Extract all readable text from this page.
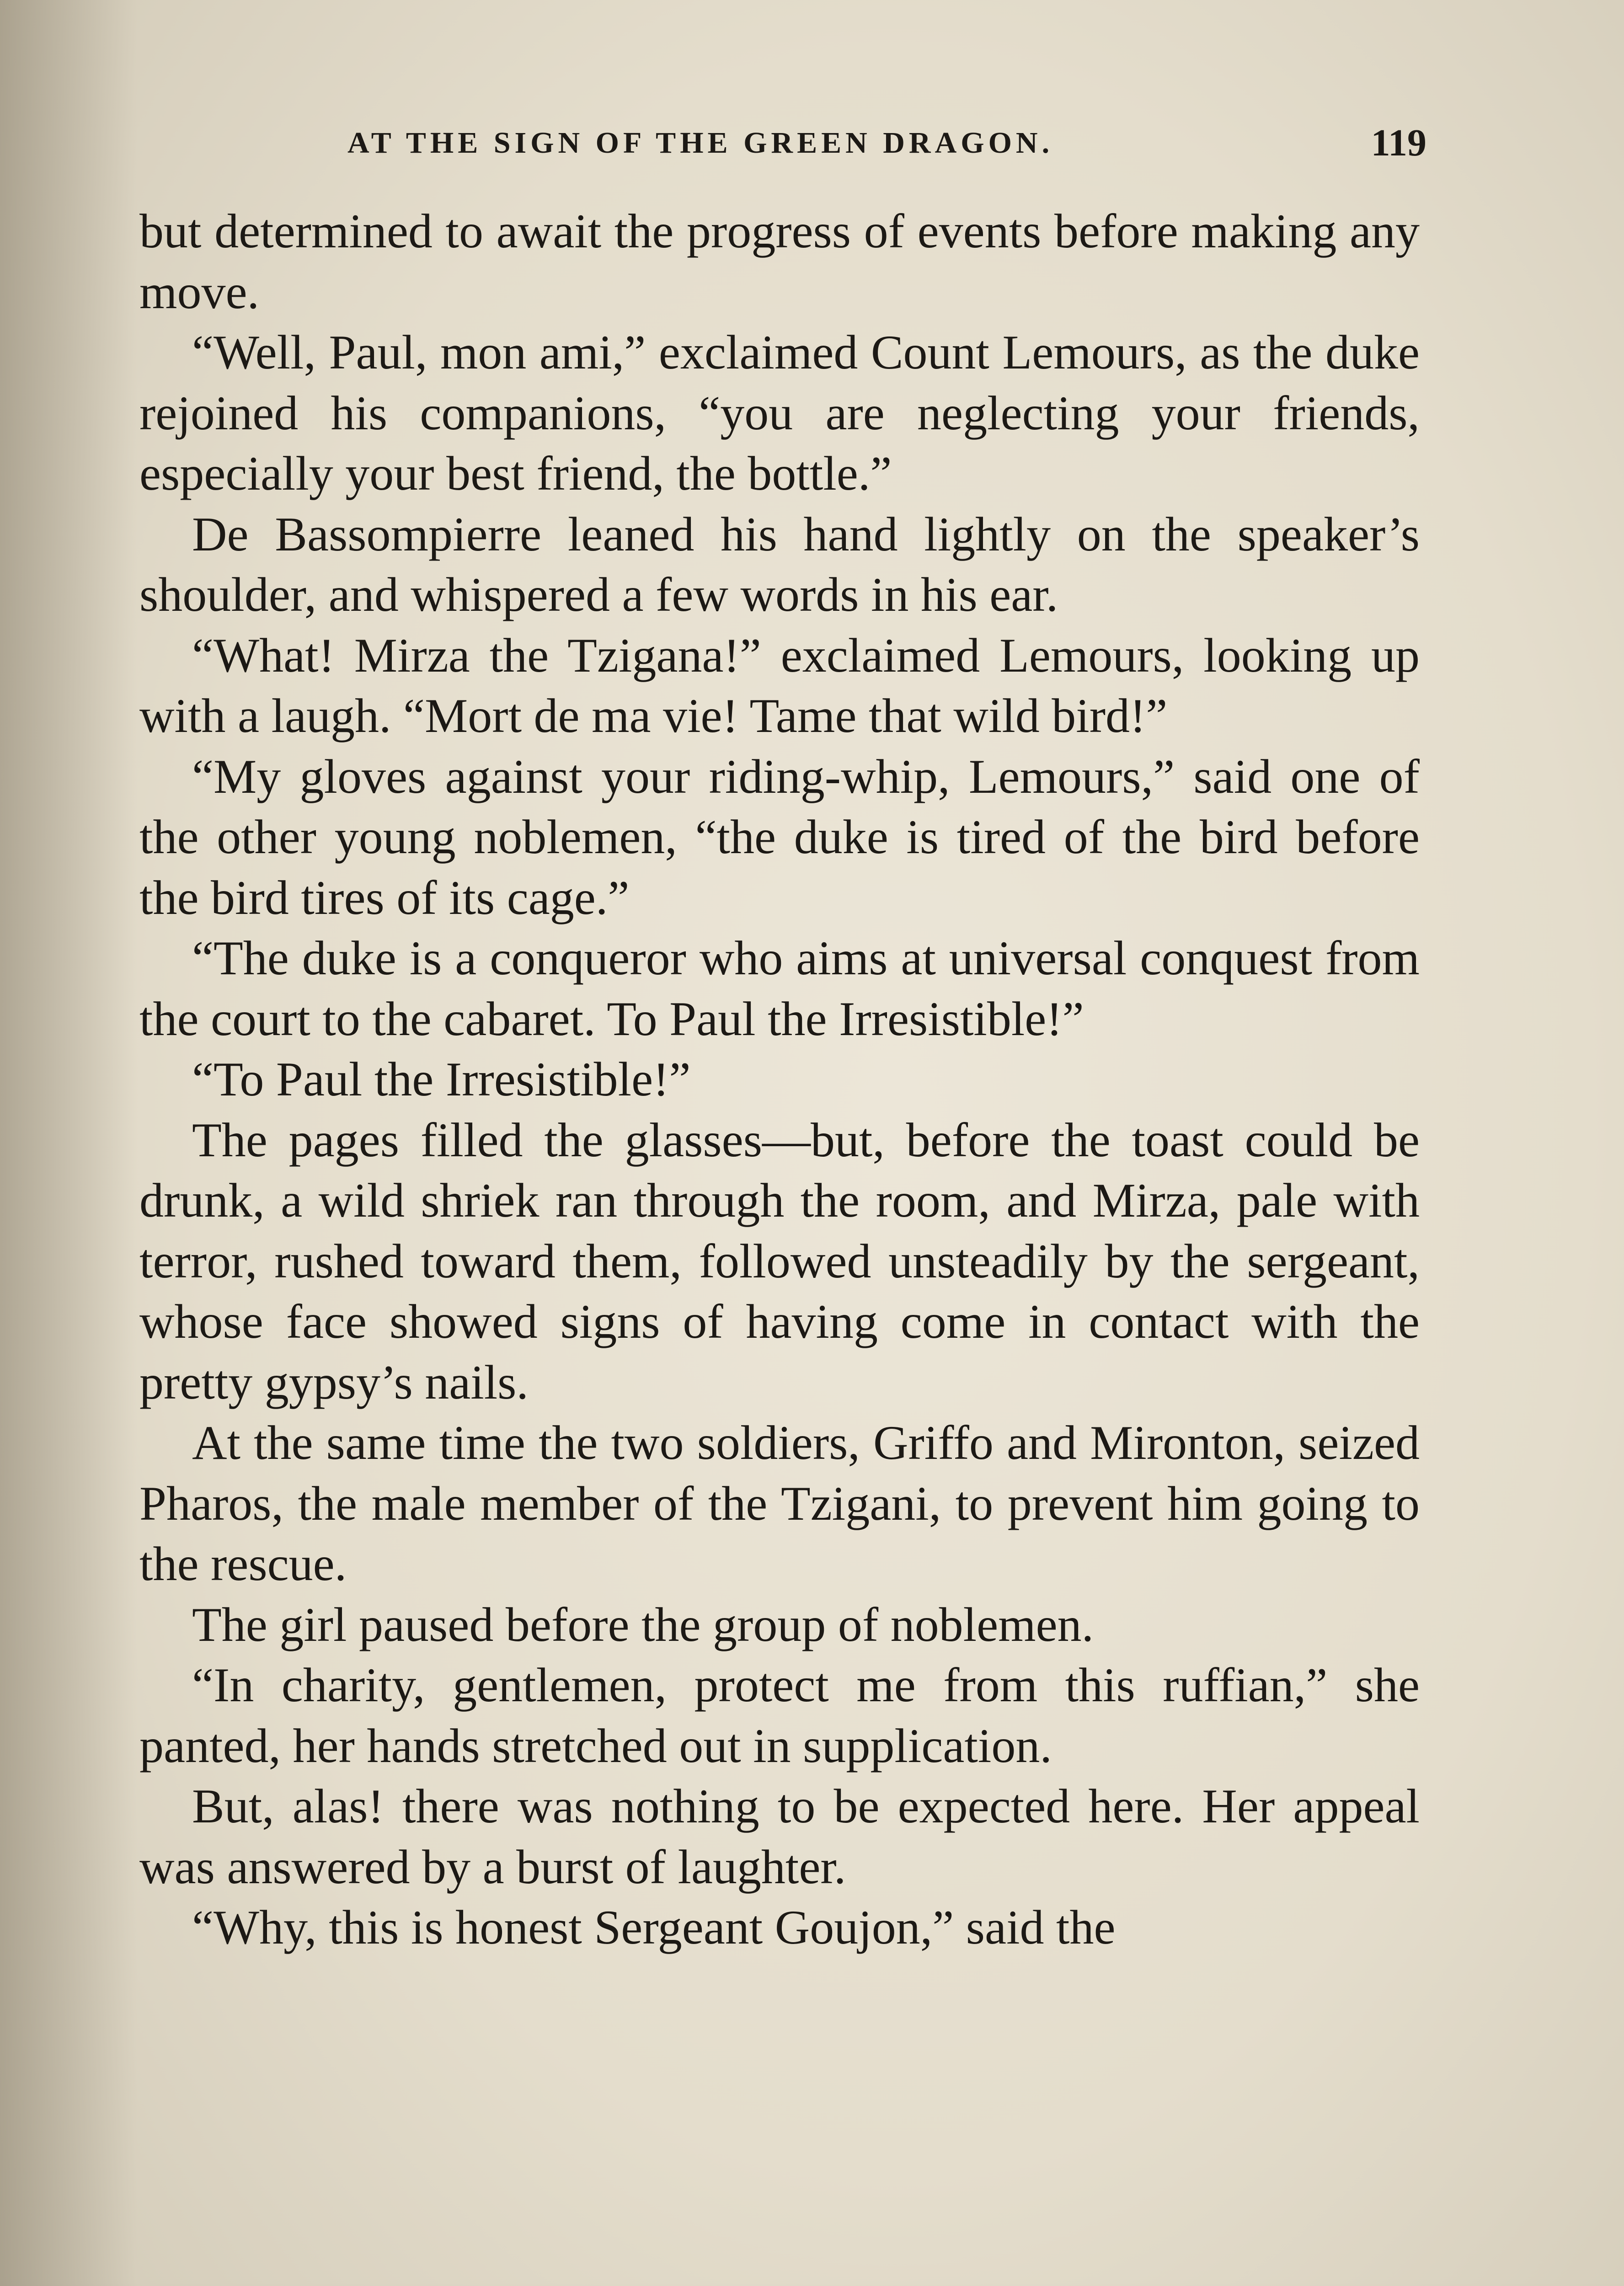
AT THE SIGN OF THE GREEN DRAGON.	119

but determined to await the progress of events before making any move.

“Well, Paul, mon ami,” exclaimed Count Lemours, as the duke rejoined his companions, “you are neglecting your friends, especially your best friend, the bottle.”

De Bassompierre leaned his hand lightly on the speaker’s shoulder, and whispered a few words in his ear.

“What! Mirza the Tzigana!” exclaimed Lemours, looking up with a laugh. “Mort de ma vie! Tame that wild bird!”

“My gloves against your riding-whip, Lemours,” said one of the other young noblemen, “the duke is tired of the bird before the bird tires of its cage.”

“The duke is a conqueror who aims at universal conquest from the court to the cabaret. To Paul the Irresistible!”

“To Paul the Irresistible!”

The pages filled the glasses—but, before the toast could be drunk, a wild shriek ran through the room, and Mirza, pale with terror, rushed toward them, followed unsteadily by the sergeant, whose face showed signs of having come in contact with the pretty gypsy’s nails.

At the same time the two soldiers, Griffo and Mironton, seized Pharos, the male member of the Tzigani, to prevent him going to the rescue.

The girl paused before the group of noblemen.

“In charity, gentlemen, protect me from this ruffian,” she panted, her hands stretched out in supplication.

But, alas! there was nothing to be expected here. Her appeal was answered by a burst of laughter.

“Why, this is honest Sergeant Goujon,” said the
